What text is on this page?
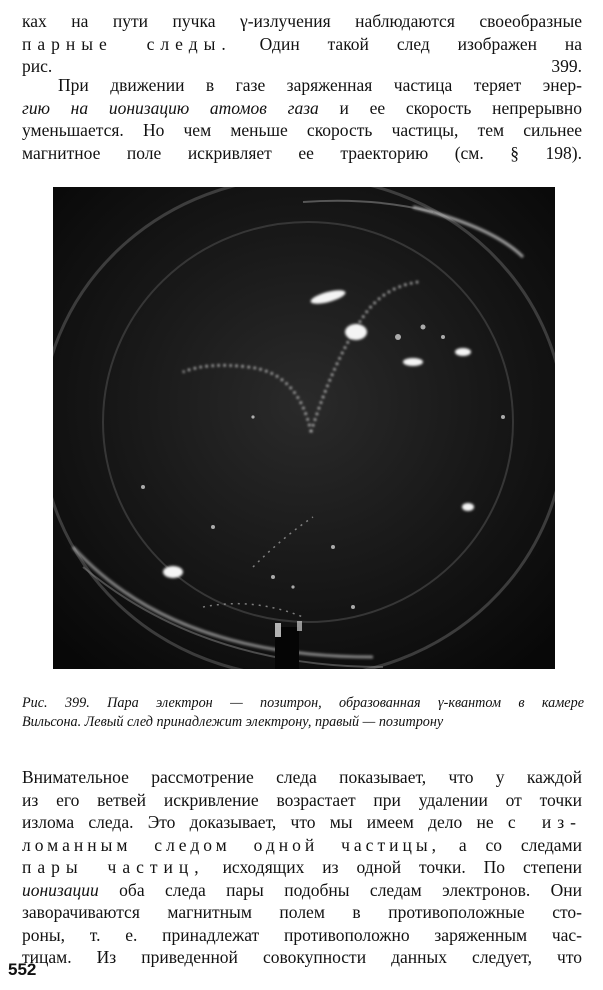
ках на пути пучка γ-излучения наблюдаются своеобразные
парные следы. Один такой след изображен на
рис. 399.
При движении в газе заряженная частица теряет энер-
гию на ионизацию атомов газа и ее скорость непрерывно
уменьшается. Но чем меньше скорость частицы, тем сильнее
магнитное поле искривляет ее траекторию (см. § 198).
Рис. 399. Пара электрон — позитрон, образованная γ-квантом в камере
Вильсона. Левый след принадлежит электрону, правый — позитрону
Внимательное рассмотрение следа показывает, что у каждой
из его ветвей искривление возрастает при удалении от точки
излома следа. Это доказывает, что мы имеем дело не с из-
ломанным следом одной частицы, а со следами
пары частиц, исходящих из одной точки. По степени
ионизации оба следа пары подобны следам электронов. Они
заворачиваются магнитным полем в противоположные сто-
роны, т. е. принадлежат противоположно заряженным час-
тицам. Из приведенной совокупности данных следует, что
552
